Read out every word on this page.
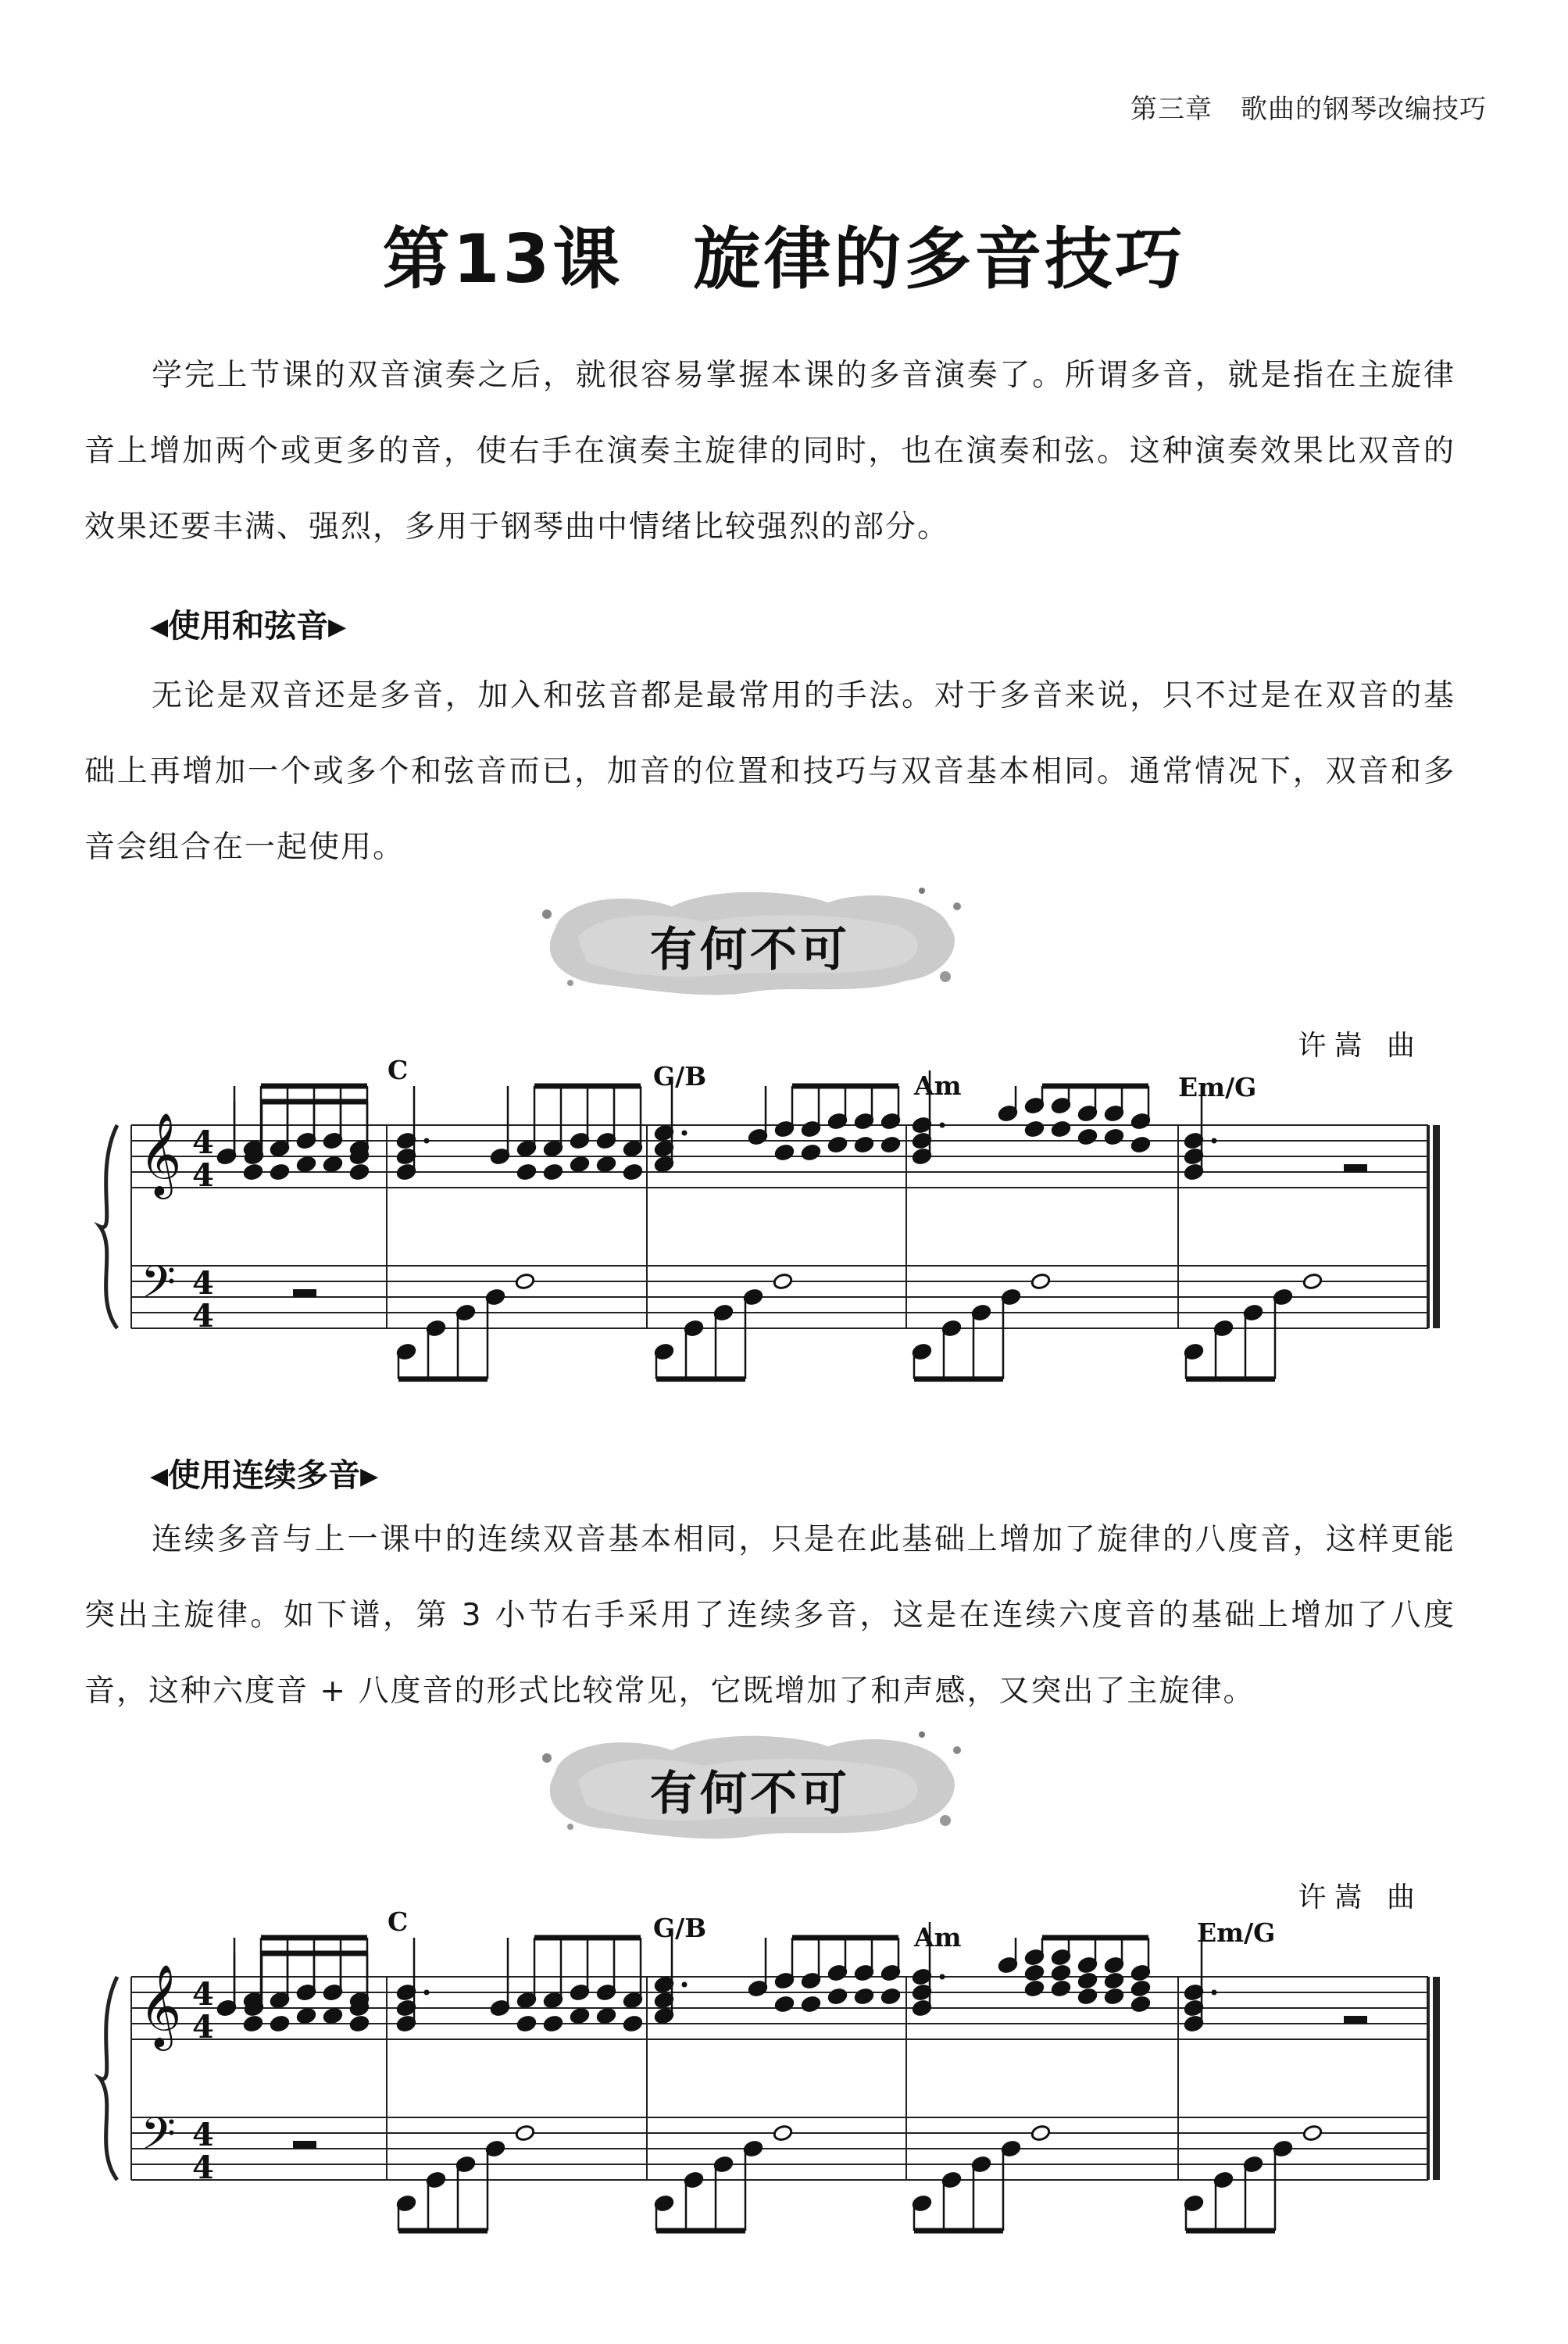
第三章 歌曲的钢琴改编技巧
第13课 旋律的多音技巧

学完上节课的双音演奏之后，就很容易掌握本课的多音演奏了。所谓多音，就是指在主旋律音上增加两个或更多的音，使右手在演奏主旋律的同时，也在演奏和弦。这种演奏效果比双音的效果还要丰满、强烈，多用于钢琴曲中情绪比较强烈的部分。

◀使用和弦音▶

无论是双音还是多音，加入和弦音都是最常用的手法。对于多音来说，只不过是在双音的基础上再增加一个或多个和弦音而已，加音的位置和技巧与双音基本相同。通常情况下，双音和多音会组合在一起使用。

有何不可
许嵩 曲
C	G/B	Am	Em/G
𝄞
𝄢
4
4
4
4
◀使用连续多音▶

连续多音与上一课中的连续双音基本相同，只是在此基础上增加了旋律的八度音，这样更能突出主旋律。如下谱，第 3 小节右手采用了连续多音，这是在连续六度音的基础上增加了八度音，这种六度音 + 八度音的形式比较常见，它既增加了和声感，又突出了主旋律。

有何不可
许嵩 曲
C	G/B	Am	Em/G
𝄞
𝄢
4
4
4
4
